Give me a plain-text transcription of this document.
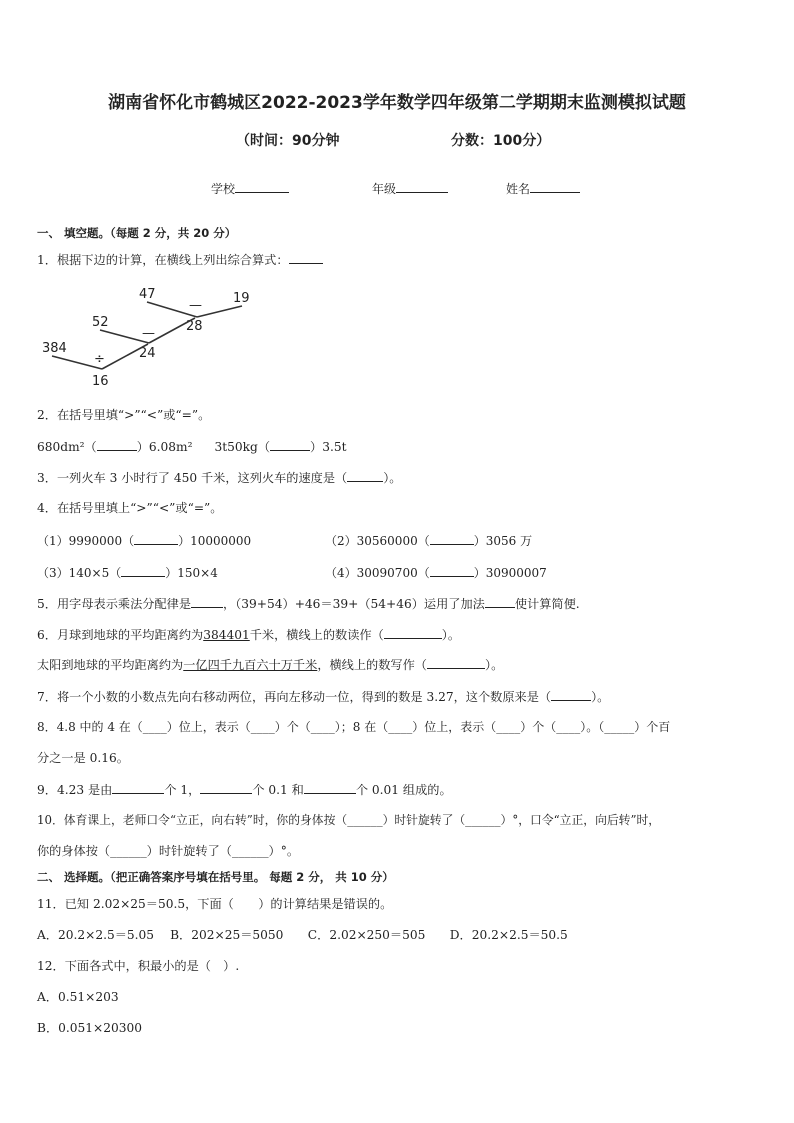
湖南省怀化市鹤城区2022-2023学年数学四年级第二学期期末监测模拟试题
（时间：90分钟	分数：100分）
学校	年级	姓名
一、 填空题。（每题 2 分，共 20 分）
1．根据下边的计算，在横线上列出综合算式：
47
— 19
52
— 28
384
÷	24
16
2．在括号里填“>”“<”或“=”。
680dm²（	）6.08m² 3t50kg（	）3.5t
3．一列火车 3 小时行了 450 千米，这列火车的速度是（	）。
4．在括号里填上“>”“<”或“=”。
（1）9990000（	）10000000	（2）30560000（	）3056 万
（3）140×5（	）150×4	（4）30090700（	）30900007
5．用字母表示乘法分配律是	，（39+54）+46＝39+（54+46）运用了加法 使计算简便.
6．月球到地球的平均距离约为384401千米，横线上的数读作（	）。
太阳到地球的平均距离约为一亿四千九百六十万千米，横线上的数写作（	）。
7．将一个小数的小数点先向右移动两位，再向左移动一位，得到的数是 3.27，这个数原来是（	）。
8．4.8 中的 4 在（____）位上，表示（____）个（____）；8 在（____）位上，表示（____）个（____）。（_____）个百
分之一是 0.16。
9．4.23 是由	个 1，	个 0.1 和	个 0.01 组成的。
10．体育课上，老师口令“立正，向右转”时，你的身体按（______）时针旋转了（______）°，口令“立正，向后转”时，
你的身体按（______）时针旋转了（______）°。
二、 选择题。（把正确答案序号填在括号里。 每题 2 分， 共 10 分）
11．已知 2.02×25＝50.5，下面（　　）的计算结果是错误的。
A．20.2×2.5＝5.05　 B．202×25＝5050　　C．2.02×250＝505　　D．20.2×2.5＝50.5
12．下面各式中，积最小的是（　）.
A．0.51×203
B．0.051×20300
